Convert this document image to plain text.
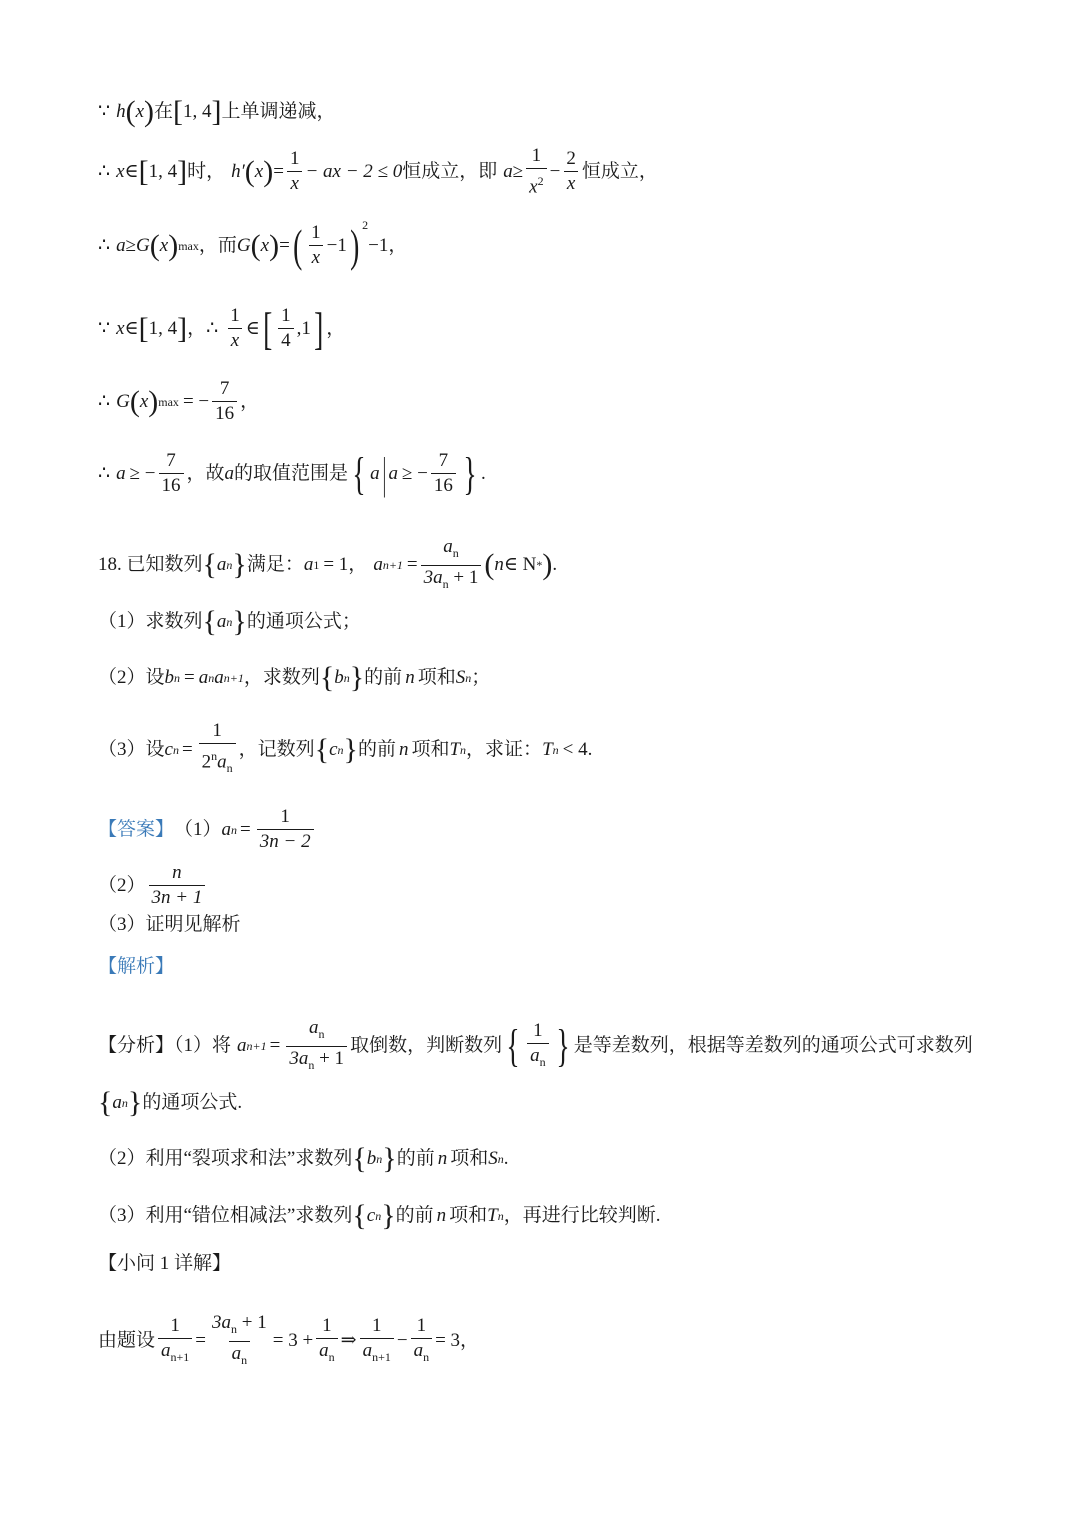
∵ h ( x ) 在 [ 1, 4 ] 上单调递减，
∴ x ∈ [ 1, 4 ] 时， h′ ( x ) = $\frac{1}{x}$ − ax − 2 ≤ 0 恒成立，即 $a \ge \frac{1}{x^2} - \frac{2}{x}$ 恒成立，
∴ a ≥ G ( x ) max ，而 G ( x ) = ( $\frac{1}{x} -1$ ) $^2$
−1，
∵ x ∈ [ 1, 4 ] ， ∴ $\frac{1}{x}$ ∈ [ $\frac{1}{4} ,1$ ] ，
∴ G ( x ) max = − $\frac{7}{16}$ ，
∴ a ≥ − $\frac{7}{16}$ ，故 a 的取值范围是 { a | a ≥ − $\frac{7}{16}$ } .
18. 已知数列 { a n } 满足： a 1 = 1， a $n+1 = \frac{a_n}{3a_n + 1}$ ( n ∈ N * ) .
（1）求数列 { a n } 的通项公式；
（2）设 b n = a n a n+1 ，求数列 { b n } 的前 n 项和 S n ；
（3）设 c $n = \frac{1}{2^na_n}$ ，记数列 { c n } 的前 n 项和 T n ，求证： T n < 4 .
【答案】 （1） a $n = \frac{1}{3n - 2}$
$(2) \frac{n}{3n + 1}$
（3）证明见解析
【解析】
【分析】（1）将 a $n+1 = \frac{a_n}{3a_n + 1}$ 取倒数，判断数列 { $\frac{1}{a_n}$ } 是等差数列，根据等差数列的通项公式可求数列
{ a n } 的通项公式.
（2）利用“裂项求和法”求数列 { b n } 的前 n 项和 S n .
（3）利用“错位相减法”求数列 { c n } 的前 n 项和 T n ，再进行比较判断.
【小问 1 详解】
由题设 $\frac{1}{a_{n+1}} = \frac{3a_n + 1}{a_n} = 3 + \frac{1}{a_n}$ ⇒ $\frac{1}{a_{n+1}} - \frac{1}{a_n} = 3$，
